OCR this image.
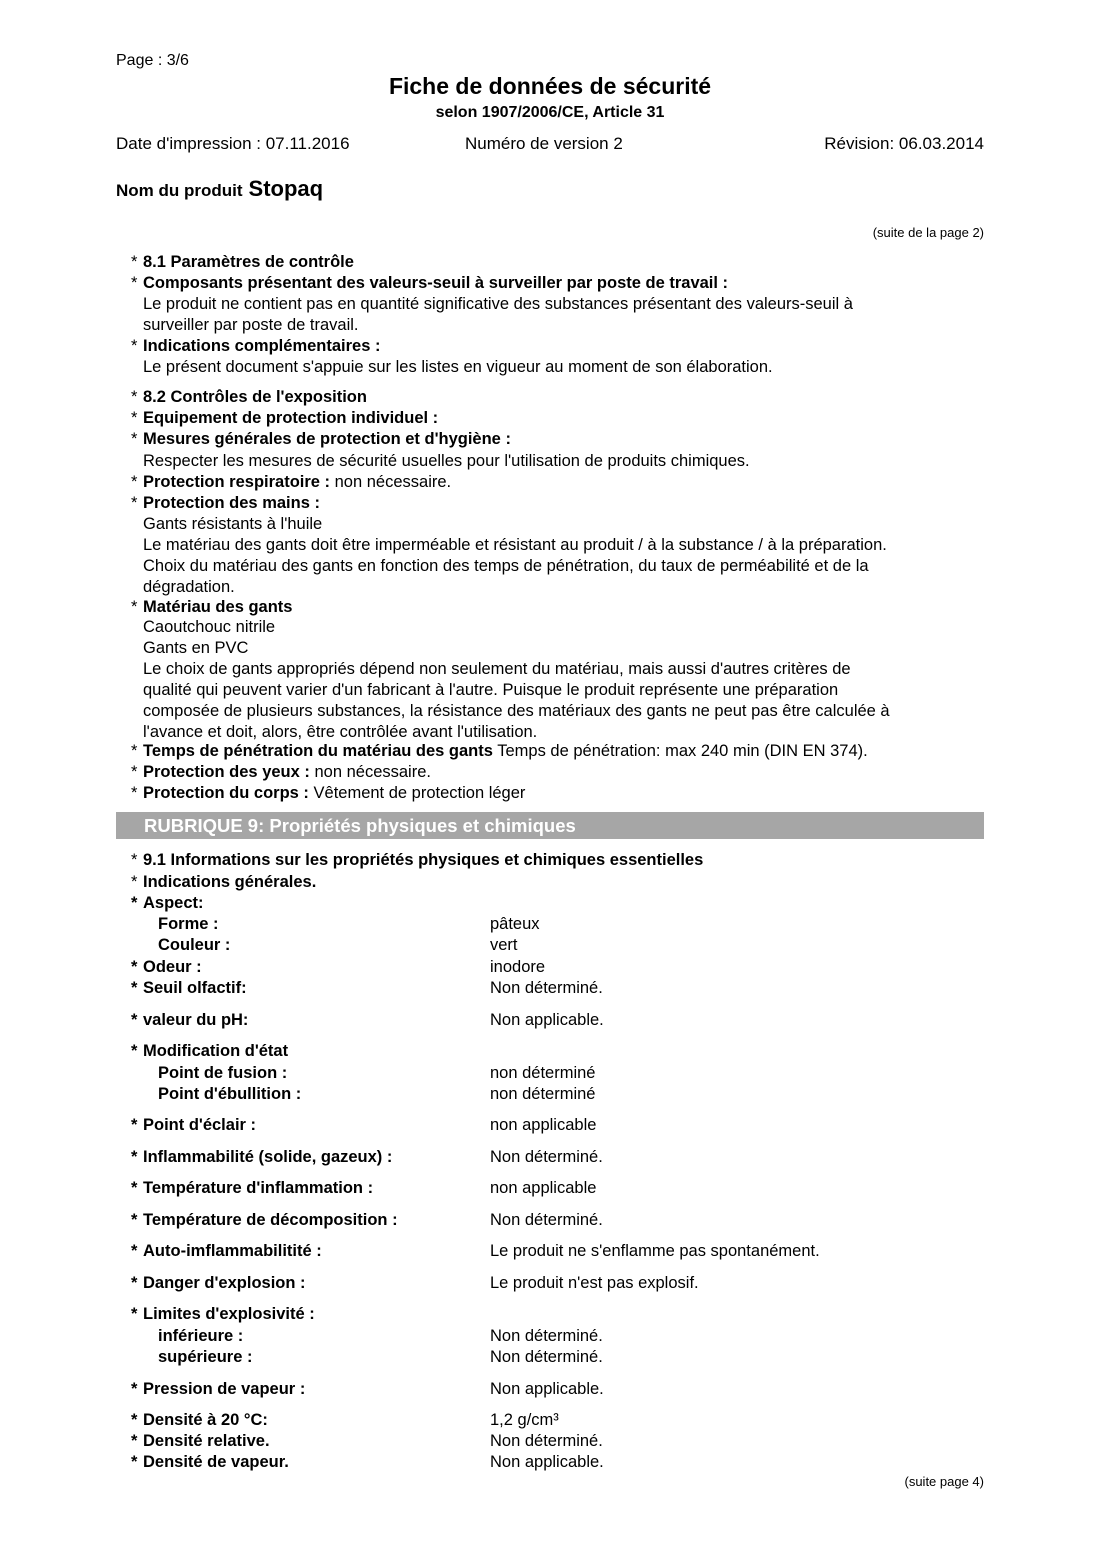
Page : 3/6
Fiche de données de sécurité
selon 1907/2006/CE, Article 31
Date d'impression : 07.11.2016	Numéro de version 2	Révision: 06.03.2014
Nom du produit Stopaq
(suite de la page 2)
* 8.1 Paramètres de contrôle
* Composants présentant des valeurs-seuil à surveiller par poste de travail :
Le produit ne contient pas en quantité significative des substances présentant des valeurs-seuil à
surveiller par poste de travail.
* Indications complémentaires :
Le présent document s'appuie sur les listes en vigueur au moment de son élaboration.
* 8.2 Contrôles de l'exposition
* Equipement de protection individuel :
* Mesures générales de protection et d'hygiène :
Respecter les mesures de sécurité usuelles pour l'utilisation de produits chimiques.
* Protection respiratoire : non nécessaire.
* Protection des mains :
Gants résistants à l'huile
Le matériau des gants doit être imperméable et résistant au produit / à la substance / à la préparation.
Choix du matériau des gants en fonction des temps de pénétration, du taux de perméabilité et de la
dégradation.
* Matériau des gants
Caoutchouc nitrile
Gants en PVC
Le choix de gants appropriés dépend non seulement du matériau, mais aussi d'autres critères de
qualité qui peuvent varier d'un fabricant à l'autre. Puisque le produit représente une préparation
composée de plusieurs substances, la résistance des matériaux des gants ne peut pas être calculée à
l'avance et doit, alors, être contrôlée avant l'utilisation.
* Temps de pénétration du matériau des gants Temps de pénétration: max 240 min (DIN EN 374).
* Protection des yeux : non nécessaire.
* Protection du corps : Vêtement de protection léger
RUBRIQUE 9: Propriétés physiques et chimiques
* 9.1 Informations sur les propriétés physiques et chimiques essentielles
* Indications générales.
* Aspect:
Forme :	pâteux
Couleur :	vert
* Odeur :	inodore
* Seuil olfactif:	Non déterminé.
* valeur du pH:	Non applicable.
* Modification d'état
Point de fusion :	non déterminé
Point d'ébullition :	non déterminé
* Point d'éclair :	non applicable
* Inflammabilité (solide, gazeux) :	Non déterminé.
* Température d'inflammation :	non applicable
* Température de décomposition :	Non déterminé.
* Auto-imflammabilitité :	Le produit ne s'enflamme pas spontanément.
* Danger d'explosion :	Le produit n'est pas explosif.
* Limites d'explosivité :
inférieure :	Non déterminé.
supérieure :	Non déterminé.
* Pression de vapeur :	Non applicable.
* Densité à 20 °C:	1,2 g/cm³
* Densité relative.	Non déterminé.
* Densité de vapeur.	Non applicable.
(suite page 4)
